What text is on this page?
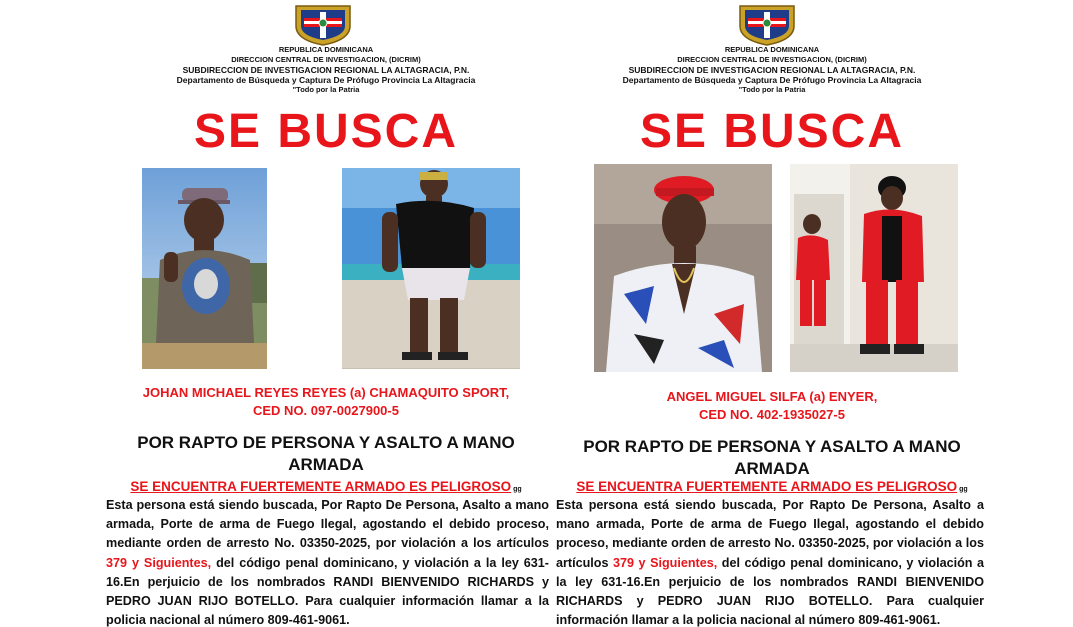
REPUBLICA DOMINICANA
DIRECCION CENTRAL DE INVESTIGACION, (DICRIM)
SUBDIRECCION DE INVESTIGACION REGIONAL LA ALTAGRACIA, P.N.
Departamento de Búsqueda y Captura De Prófugo Provincia La Altagracia
"Todo por la Patria
SE BUSCA
JOHAN MICHAEL REYES REYES (a) CHAMAQUITO SPORT,
CED NO. 097-0027900-5
POR RAPTO DE PERSONA Y ASALTO A MANO
ARMADA
SE ENCUENTRA FUERTEMENTE ARMADO ES PELIGROSO gg
Esta persona está siendo buscada, Por Rapto De Persona, Asalto a mano armada, Porte de arma de Fuego Ilegal, agostando el debido proceso, mediante orden de arresto No. 03350-2025, por violación a los artículos 379 y Siguientes, del código penal dominicano, y violación a la ley 631-16.En perjuicio de los nombrados RANDI BIENVENIDO RICHARDS y PEDRO JUAN RIJO BOTELLO. Para cualquier información llamar a la policia nacional al número 809-461-9061.
REPUBLICA DOMINICANA
DIRECCION CENTRAL DE INVESTIGACION, (DICRIM)
SUBDIRECCION DE INVESTIGACION REGIONAL LA ALTAGRACIA, P.N.
Departamento de Búsqueda y Captura De Prófugo Provincia La Altagracia
"Todo por la Patria
SE BUSCA
ANGEL MIGUEL SILFA (a) ENYER,
CED NO. 402-1935027-5
POR RAPTO DE PERSONA Y ASALTO A MANO
ARMADA
SE ENCUENTRA FUERTEMENTE ARMADO ES PELIGROSO gg
Esta persona está siendo buscada, Por Rapto De Persona, Asalto a mano armada, Porte de arma de Fuego Ilegal, agostando el debido proceso, mediante orden de arresto No. 03350-2025, por violación a los artículos 379 y Siguientes, del código penal dominicano, y violación a la ley 631-16.En perjuicio de los nombrados RANDI BIENVENIDO RICHARDS y PEDRO JUAN RIJO BOTELLO. Para cualquier información llamar a la policia nacional al número 809-461-9061.
